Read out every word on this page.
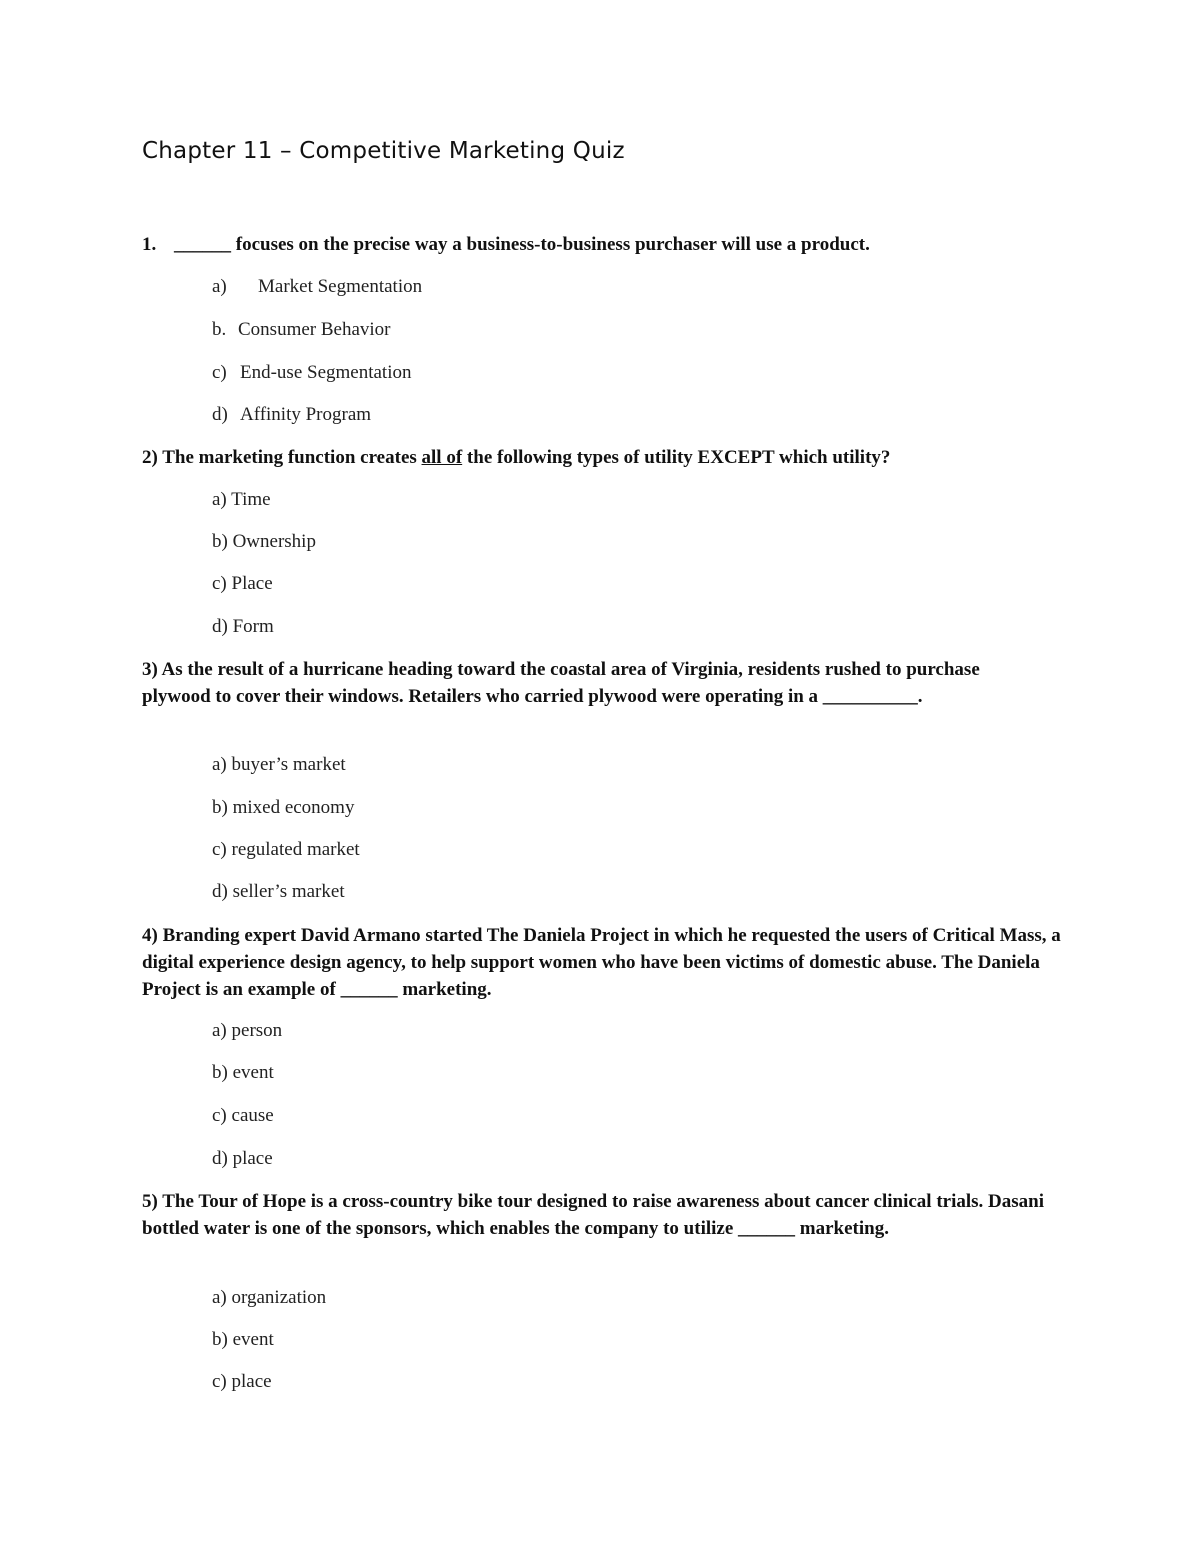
Chapter 11 – Competitive Marketing Quiz
1. ______ focuses on the precise way a business-to-business purchaser will use a product.
a) Market Segmentation
b. Consumer Behavior
c) End-use Segmentation
d) Affinity Program
2) The marketing function creates all of the following types of utility EXCEPT which utility?
a) Time
b) Ownership
c) Place
d) Form
3) As the result of a hurricane heading toward the coastal area of Virginia, residents rushed to purchase plywood to cover their windows. Retailers who carried plywood were operating in a __________.
a) buyer’s market
b) mixed economy
c) regulated market
d) seller’s market
4) Branding expert David Armano started The Daniela Project in which he requested the users of Critical Mass, a digital experience design agency, to help support women who have been victims of domestic abuse. The Daniela Project is an example of ______ marketing.
a) person
b) event
c) cause
d) place
5) The Tour of Hope is a cross-country bike tour designed to raise awareness about cancer clinical trials. Dasani bottled water is one of the sponsors, which enables the company to utilize ______ marketing.
a) organization
b) event
c) place
